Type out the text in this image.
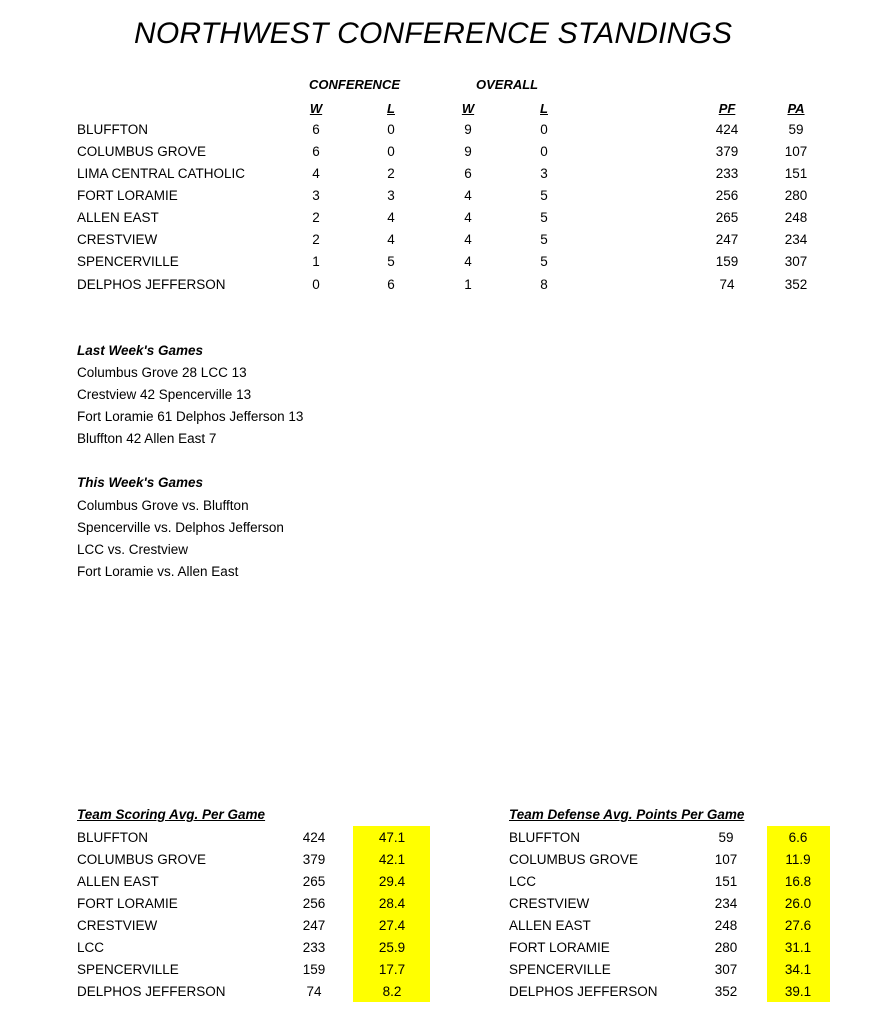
NORTHWEST CONFERENCE STANDINGS
CONFERENCE	OVERALL
W	L	W	L	PF	PA
BLUFFTON	6	0	9	0	424	59
COLUMBUS GROVE	6	0	9	0	379	107
LIMA CENTRAL CATHOLIC	4	2	6	3	233	151
FORT LORAMIE	3	3	4	5	256	280
ALLEN EAST	2	4	4	5	265	248
CRESTVIEW	2	4	4	5	247	234
SPENCERVILLE	1	5	4	5	159	307
DELPHOS JEFFERSON	0	6	1	8	74	352
Last Week's Games
Columbus Grove 28 LCC 13
Crestview 42 Spencerville 13
Fort Loramie 61 Delphos Jefferson 13
Bluffton 42 Allen East 7
This Week's Games
Columbus Grove vs. Bluffton
Spencerville vs. Delphos Jefferson
LCC vs. Crestview
Fort Loramie vs. Allen East
Team Scoring Avg. Per Game	Team Defense Avg. Points Per Game
BLUFFTON	424	47.1
COLUMBUS GROVE	379	42.1
ALLEN EAST	265	29.4
FORT LORAMIE	256	28.4
CRESTVIEW	247	27.4
LCC	233	25.9
SPENCERVILLE	159	17.7
DELPHOS JEFFERSON	74	8.2
BLUFFTON	59	6.6
COLUMBUS GROVE	107	11.9
LCC	151	16.8
CRESTVIEW	234	26.0
ALLEN EAST	248	27.6
FORT LORAMIE	280	31.1
SPENCERVILLE	307	34.1
DELPHOS JEFFERSON	352	39.1
